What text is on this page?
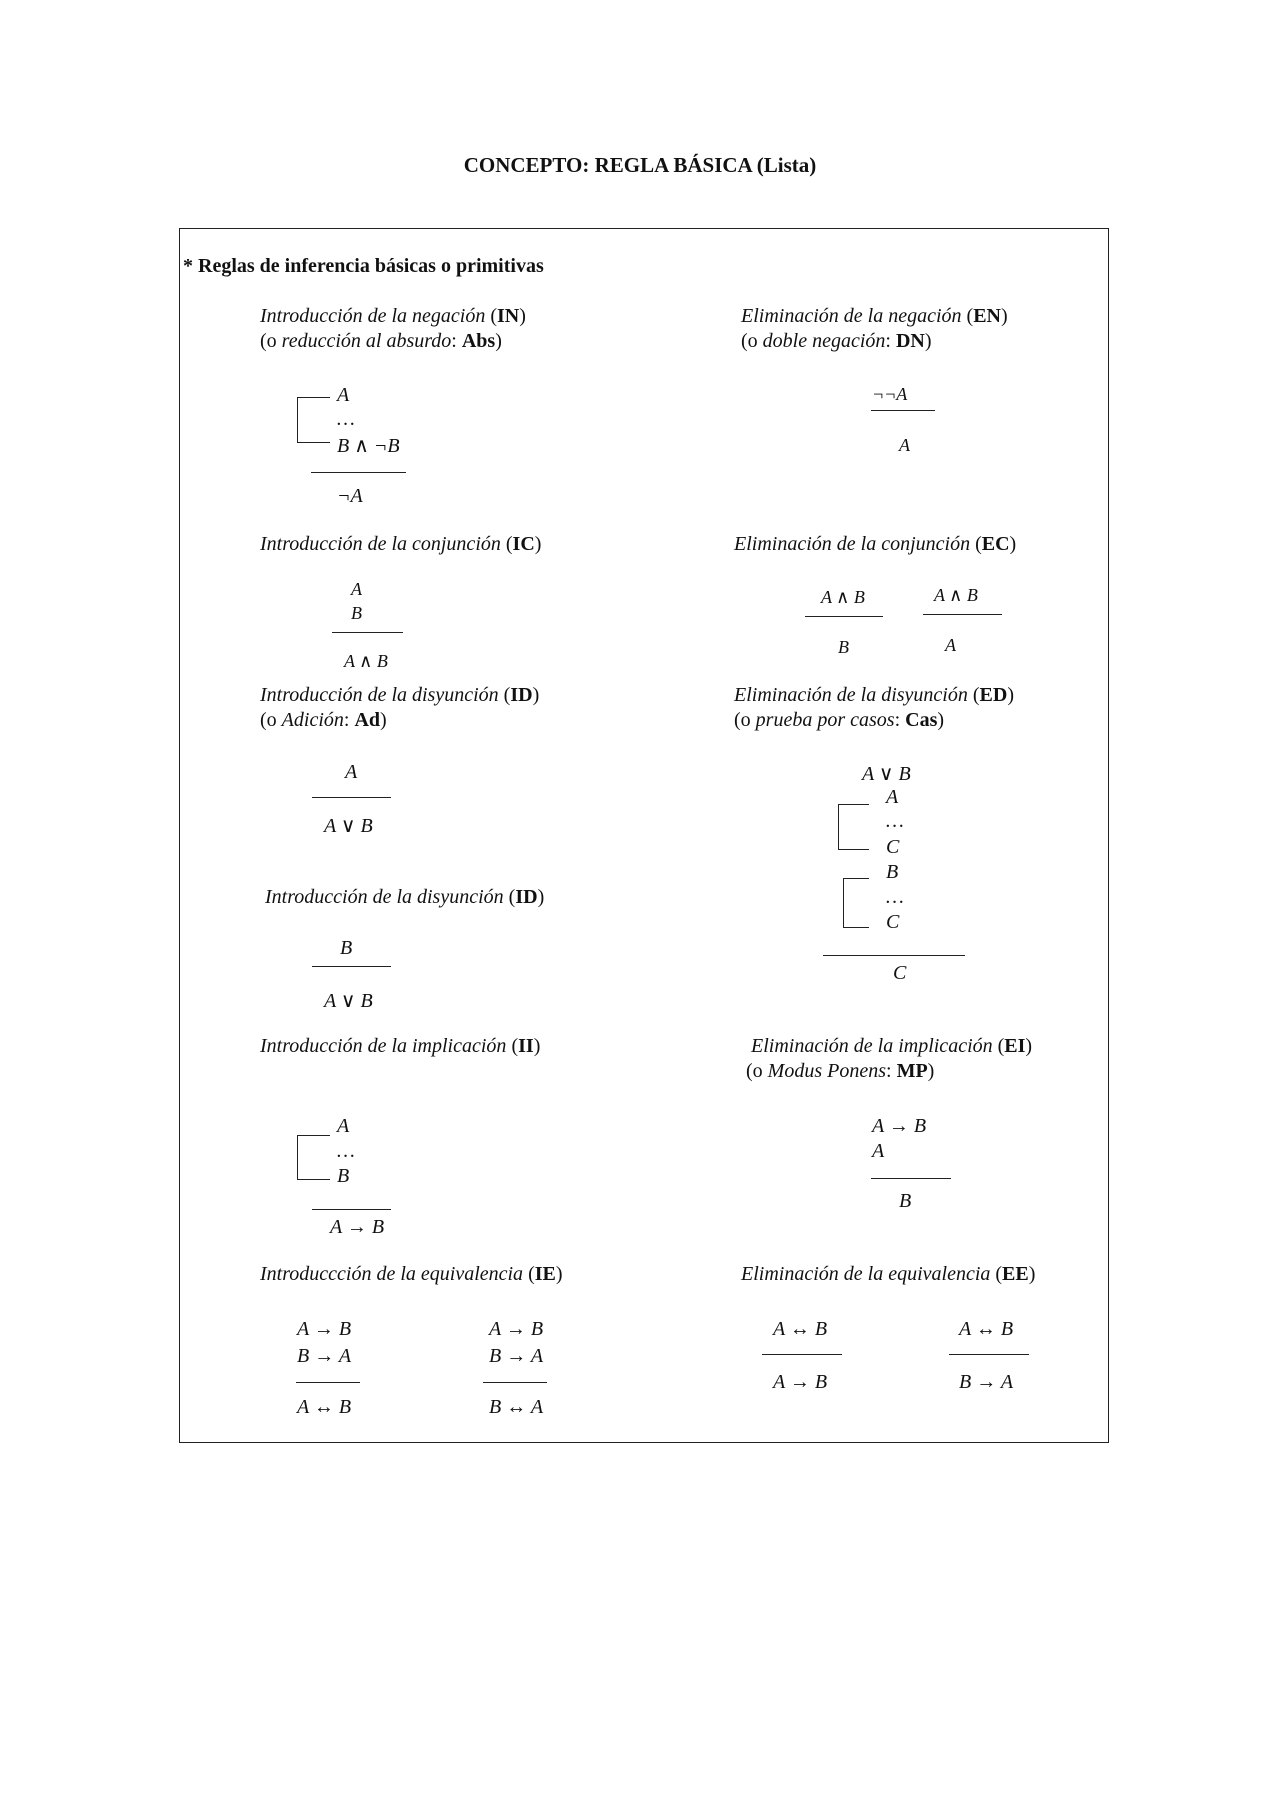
CONCEPTO: REGLA BÁSICA (Lista)
* Reglas de inferencia básicas o primitivas
Introducción de la negación (IN)
(o reducción al absurdo: Abs)
A
…
B ∧ ¬B
¬A
Eliminación de la negación (EN)
(o doble negación: DN)
¬¬A
A
Introducción de la conjunción (IC)
A
B
A ∧ B
Eliminación de la conjunción (EC)
A ∧ B
B
A ∧ B
A
Introducción de la disyunción (ID)
(o Adición: Ad)
A
A ∨ B
Introducción de la disyunción (ID)
B
A ∨ B
Eliminación de la disyunción (ED)
(o prueba por casos: Cas)
A ∨ B
A
…
C
B
…
C
C
Introducción de la implicación (II)
A
…
B
A → B
Eliminación de la implicación (EI)
(o Modus Ponens: MP)
A → B
A
B
Introduccción de la equivalencia (IE)
A → B
B → A
A ↔ B
A → B
B → A
B ↔ A
Eliminación de la equivalencia (EE)
A ↔ B
A → B
A ↔ B
B → A
